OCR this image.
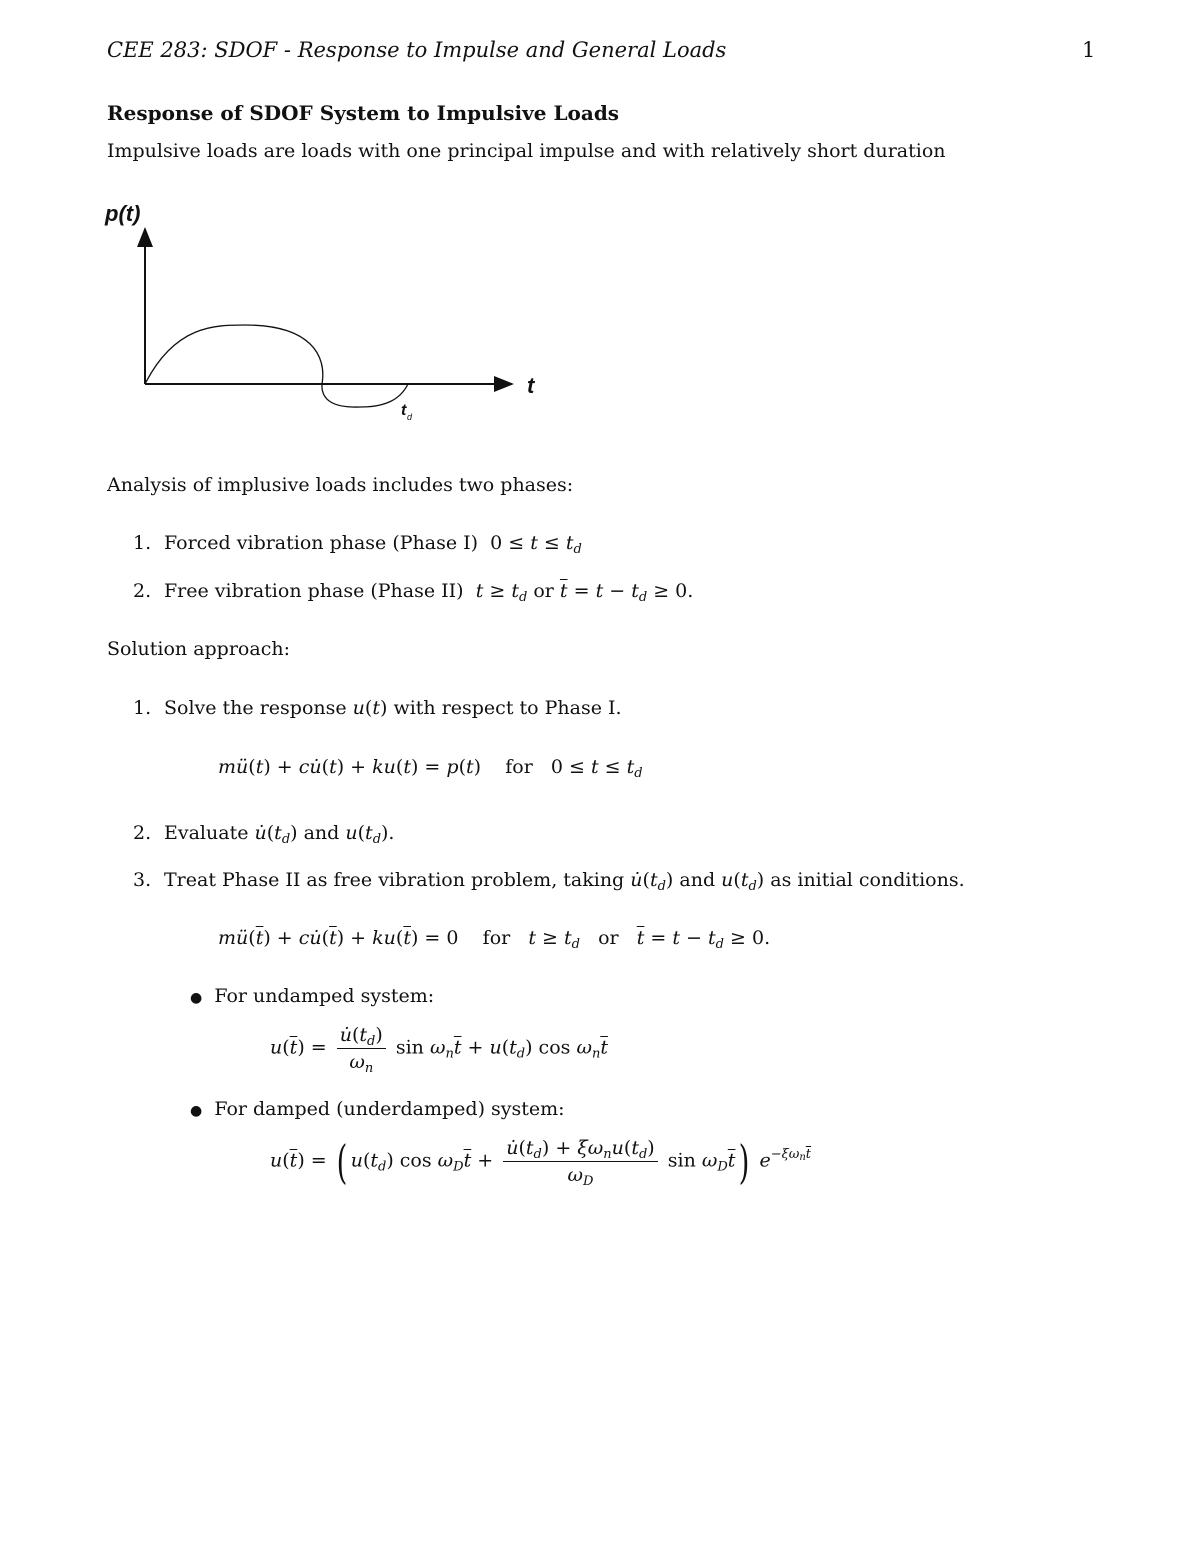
CEE 283: SDOF - Response to Impulse and General Loads	1
Response of SDOF System to Impulsive Loads
Impulsive loads are loads with one principal impulse and with relatively short duration
p(t)
t
t d
Analysis of implusive loads includes two phases:
1. Forced vibration phase (Phase I)  $0 \le t \le t_d$
2. Free vibration phase (Phase II) $t \ge t_d$ or $\overline{t} = t - t_d \ge 0$.
Solution approach:
1. Solve the response u(t) with respect to Phase I.
mü(t) + cu̇(t) + ku(t) = p(t)    for   $0 \le t \le t_d$
2. Evaluate $u̇(t_d)$ and $u(t_d)$.
3. Treat Phase II as free vibration problem, taking $u̇(t_d)$ and $u(t_d)$ as initial conditions.
$mü(\overline{t})$ + $cu̇(\overline{t}) + ku(\overline{t}) = 0$    for $t \ge t_d$ or $\overline{t} = t - t_d \ge 0$.
● For undamped system:
$u(\overline{t}) = \frac{u̇(t_d)}{\omega_n}$ $\sin \omega_n\overline{t} + u(t_d)$ $\cos \omega_n\overline{t}$
● For damped (underdamped) system:
$u(\overline{t})$ = ( $u(t_d)$ $\cos \omega_D\overline{t} + \frac{u̇(t_d) + \xi\omega_nu(t_d)}{\omega_D}$ $\sin \omega_D\overline{t}$) $e^{-\xi\omega_n\overline{t}}$
